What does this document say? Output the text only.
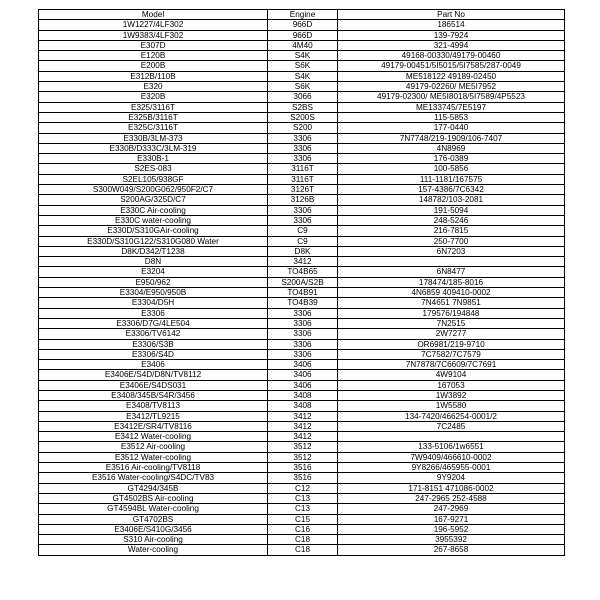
Model	Engine	Part No
1W1227/4LF302	966D	186514
1W9383/4LF302	966D	139-7924
E307D	4M40	321-4994
E120B	S4K	49168-00330/49179-00460
E200B	S6K	49179-00451/5I5015/5I7585/287-0049
E312B/110B	S4K	ME518122 49189-02450
E320	S6K	49179-02260/ ME5I7952
E320B	3066	49179-02300/ ME5I8018/5I7589/4P5523
E325/3116T	S2BS	ME133745/7E5197
E325B/3116T	S200S	115-5853
E325C/3116T	S200	177-0440
E330B/3LM-373	3306	7N7748/219-1909/106-7407
E330B/D333C/3LM-319	3306	4N8969
E330B-1	3306	176-0389
S2ES-083	3116T	100-5856
S2EL105/938GF	3116T	111-1181/167575
S300W049/S200G062/950F2/C7	3126T	157-4386/7C6342
S200AG/325D/C7	3126B	148782/103-2081
E330C Air-cooling	3306	191-5094
E330C water-cooling	3306	248-5246
E330D/S310GAir-cooling	C9	216-7815
E330D/S310G122/S310G080 Water	C9	250-7700
D8K/D342/T1238	D8K	6N7203
D8N	3412	
E3204	TO4B65	6N8477
E950/962	S200A/S2B	178474/185-8016
E3304/E950/950B	TO4B91	4N6859 409410-0002
E3304/D5H	TO4B39	7N4651 7N9851
E3306	3306	179576/194848
E3306/D7G/4LE504	3306	7N2515
E3306/TV6142	3306	2W7277
E3306/S3B	3306	OR6981/219-9710
E3306/S4D	3306	7C7582/7C7579
E3406	3406	7N7878/7C6609/7C7691
E3406E/S4D/D8N/TV8112	3406	4W9104
E3406E/S4DS031	3406	167053
E3408/345B/S4R/3456	3408	1W3892
E3408/TV8113	3408	1W5580
E3412/TL9215	3412	134-7420/466254-0001/2
E3412E/SR4/TV8116	3412	7C2485
E3412 Water-cooling	3412	
E3512 Air-cooling	3512	133-5106/1w6551
E3512 Water-cooling	3512	7W9409/466610-0002
E3516 Air-cooling/TV8118	3516	9Y8266/465955-0001
E3516 Water-cooling/S4DC/TV83	3516	9Y9204
GT4294/345B	C12	171-8151 471086-0002
GT4502BS Air-cooling	C13	247-2965 252-4588
GT4594BL Water-cooling	C13	247-2969
GT4702BS	C15	167-9271
E3406E/S410G/3456	C16	196-5952
S310 Air-cooling	C18	3955392
Water-cooling	C18	267-8658
